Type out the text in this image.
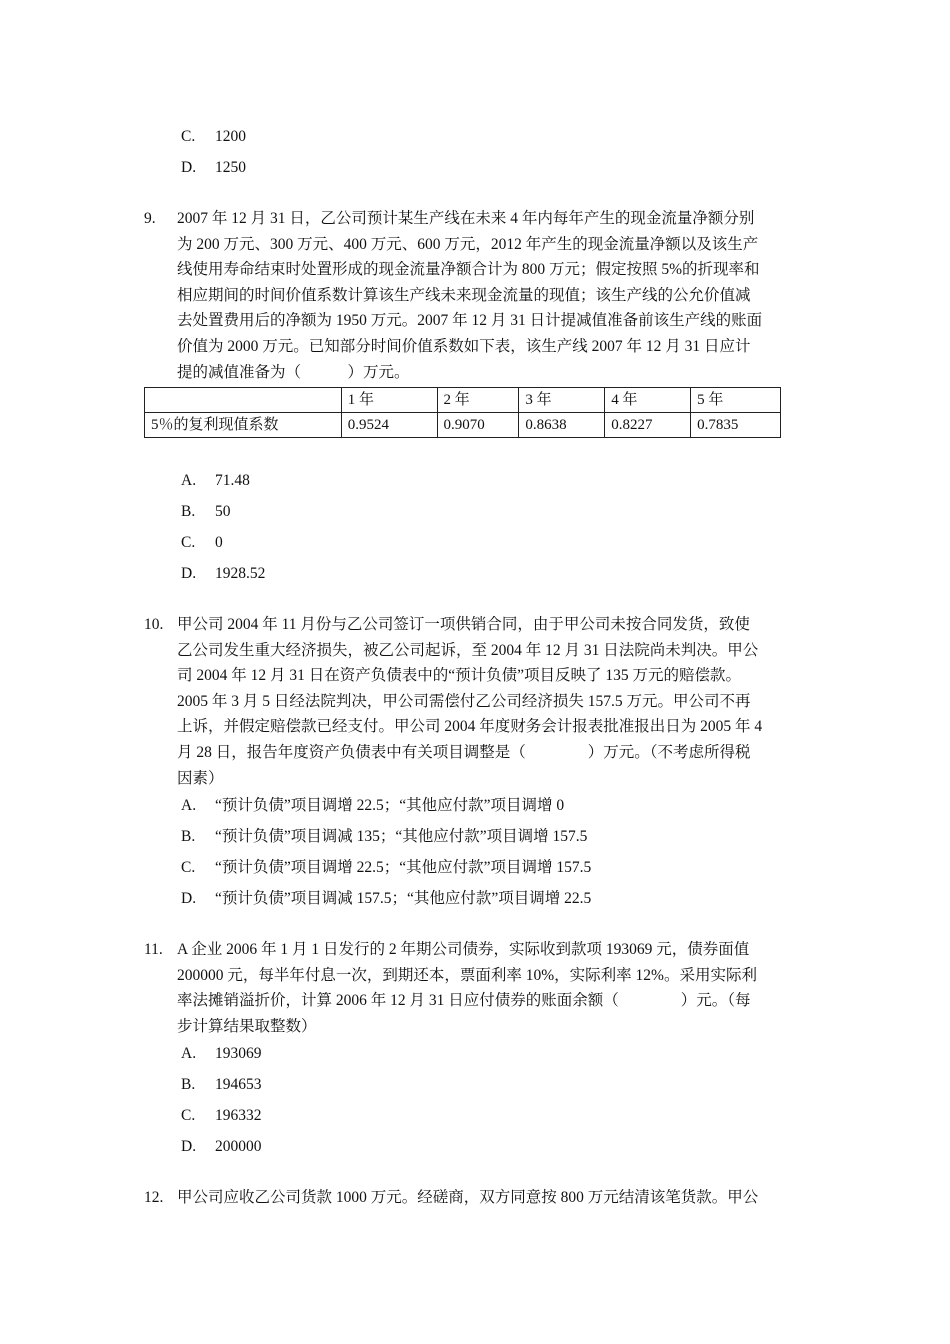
C. 1200
D. 1250
9. 2007 年 12 月 31 日，乙公司预计某生产线在未来 4 年内每年产生的现金流量净额分别
为 200 万元、300 万元、400 万元、600 万元，2012 年产生的现金流量净额以及该生产
线使用寿命结束时处置形成的现金流量净额合计为 800 万元；假定按照 5%的折现率和
相应期间的时间价值系数计算该生产线未来现金流量的现值；该生产线的公允价值减
去处置费用后的净额为 1950 万元。2007 年 12 月 31 日计提减值准备前该生产线的账面
价值为 2000 万元。已知部分时间价值系数如下表，该生产线 2007 年 12 月 31 日应计
提的减值准备为（　　　）万元。
	1 年	2 年	3 年	4 年	5 年
5％的复利现值系数	0.9524	0.9070	0.8638	0.8227	0.7835
A. 71.48
B. 50
C. 0
D. 1928.52
10. 甲公司 2004 年 11 月份与乙公司签订一项供销合同，由于甲公司未按合同发货，致使
乙公司发生重大经济损失，被乙公司起诉，至 2004 年 12 月 31 日法院尚未判决。甲公
司 2004 年 12 月 31 日在资产负债表中的“预计负债”项目反映了 135 万元的赔偿款。
2005 年 3 月 5 日经法院判决，甲公司需偿付乙公司经济损失 157.5 万元。甲公司不再
上诉，并假定赔偿款已经支付。甲公司 2004 年度财务会计报表批准报出日为 2005 年 4
月 28 日，报告年度资产负债表中有关项目调整是（　　　　）万元。（不考虑所得税
因素）
A. “预计负债”项目调增 22.5；“其他应付款”项目调增 0
B. “预计负债”项目调减 135；“其他应付款”项目调增 157.5
C. “预计负债”项目调增 22.5；“其他应付款”项目调增 157.5
D. “预计负债”项目调减 157.5；“其他应付款”项目调增 22.5
11. A 企业 2006 年 1 月 1 日发行的 2 年期公司债券，实际收到款项 193069 元，债券面值
200000 元，每半年付息一次，到期还本，票面利率 10%，实际利率 12%。采用实际利
率法摊销溢折价，计算 2006 年 12 月 31 日应付债券的账面余额（　　　　）元。（每
步计算结果取整数）
A. 193069
B. 194653
C. 196332
D. 200000
12. 甲公司应收乙公司货款 1000 万元。经磋商，双方同意按 800 万元结清该笔货款。甲公
